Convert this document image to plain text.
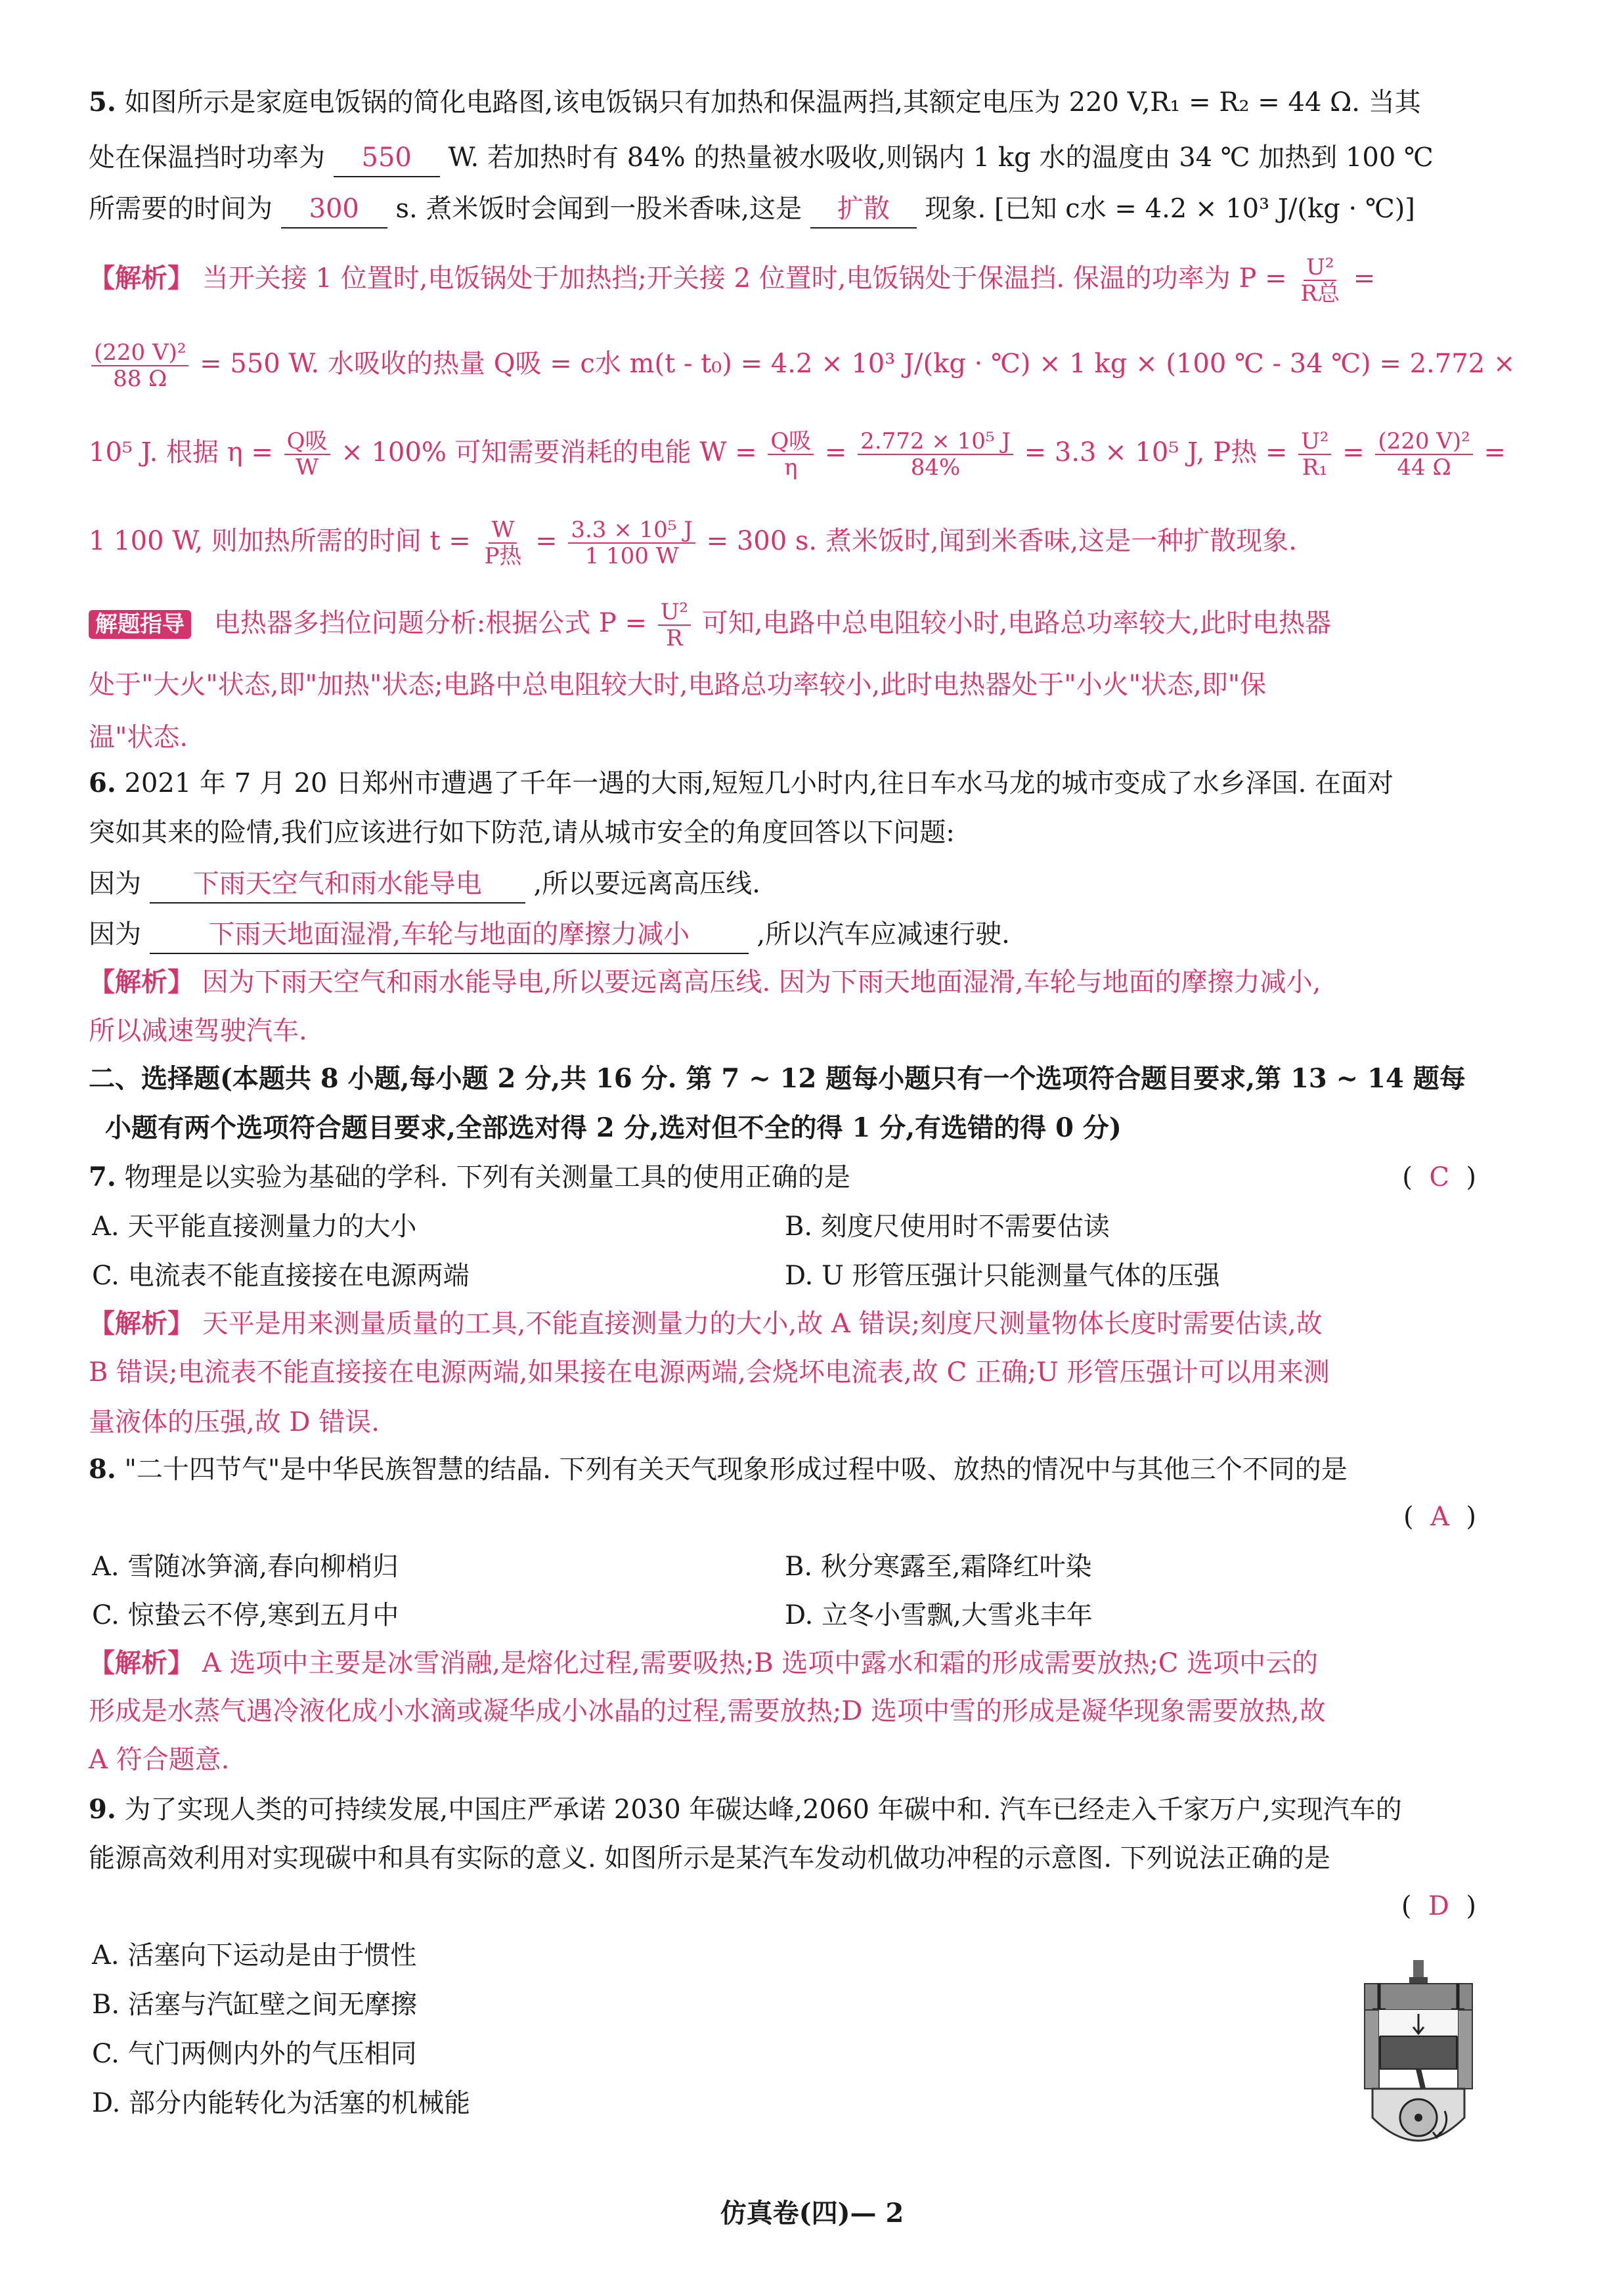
5. 如图所示是家庭电饭锅的简化电路图,该电饭锅只有加热和保温两挡,其额定电压为 220 V,R₁ = R₂ = 44 Ω. 当其
处在保温挡时功率为 550 W. 若加热时有 84% 的热量被水吸收,则锅内 1 kg 水的温度由 34 ℃ 加热到 100 ℃
所需要的时间为 300 s. 煮米饭时会闻到一股米香味,这是 扩散 现象. [已知 c水 = 4.2 × 10³ J/(kg · ℃)]
【解析】 当开关接 1 位置时,电饭锅处于加热挡;开关接 2 位置时,电饭锅处于保温挡. 保温的功率为 $P = \frac{\text{U²}}{\text{R总}}$ =
$\frac{\text{(220 V)²}}{88 \Omega} = 550$ W. 水吸收的热量 Q吸 = c水 m(t - t₀) = 4.2 × 10³ J/(kg · ℃) × 1 kg × (100 ℃ - 34 ℃) = 2.772 ×
10⁵ J. 根据 $\eta = \frac{\text{Q吸}}{W} \times 100\%$ 可知需要消耗的电能 $W = \frac{\text{Q吸}}{\eta} = \frac{\text{2.772 × 10⁵ J}}{84\%} = 3.3 \times 10^5$ J, P热 = $\frac{\text{U²}}{\text{R₁}} = \frac{\text{(220 V)²}}{44 \Omega}$ =
1 100 W, 则加热所需的时间 $t = \frac{W}{\text{P热}} = \frac{\text{3.3 × 10⁵ J}}{1 100 W} = 300$ s. 煮米饭时,闻到米香味,这是一种扩散现象.
解题指导 电热器多挡位问题分析:根据公式 $P = \frac{\text{U²}}{R}$ 可知,电路中总电阻较小时,电路总功率较大,此时电热器
处于"大火"状态,即"加热"状态;电路中总电阻较大时,电路总功率较小,此时电热器处于"小火"状态,即"保
温"状态.
6. 2021 年 7 月 20 日郑州市遭遇了千年一遇的大雨,短短几小时内,往日车水马龙的城市变成了水乡泽国. 在面对
突如其来的险情,我们应该进行如下防范,请从城市安全的角度回答以下问题:
因为 下雨天空气和雨水能导电 ,所以要远离高压线.
因为	下雨天地面湿滑,车轮与地面的摩擦力减小	,所以汽车应减速行驶.
【解析】 因为下雨天空气和雨水能导电,所以要远离高压线. 因为下雨天地面湿滑,车轮与地面的摩擦力减小,
所以减速驾驶汽车.
二、选择题(本题共 8 小题,每小题 2 分,共 16 分. 第 7 ~ 12 题每小题只有一个选项符合题目要求,第 13 ~ 14 题每
小题有两个选项符合题目要求,全部选对得 2 分,选对但不全的得 1 分,有选错的得 0 分)
7. 物理是以实验为基础的学科. 下列有关测量工具的使用正确的是	(  C  )
A. 天平能直接测量力的大小	B. 刻度尺使用时不需要估读
C. 电流表不能直接接在电源两端	D. U 形管压强计只能测量气体的压强
【解析】 天平是用来测量质量的工具,不能直接测量力的大小,故 A 错误;刻度尺测量物体长度时需要估读,故
B 错误;电流表不能直接接在电源两端,如果接在电源两端,会烧坏电流表,故 C 正确;U 形管压强计可以用来测
量液体的压强,故 D 错误.
8. "二十四节气"是中华民族智慧的结晶. 下列有关天气现象形成过程中吸、放热的情况中与其他三个不同的是
(  A  )
A. 雪随冰笋滴,春向柳梢归	B. 秋分寒露至,霜降红叶染
C. 惊蛰云不停,寒到五月中	D. 立冬小雪飘,大雪兆丰年
【解析】 A 选项中主要是冰雪消融,是熔化过程,需要吸热;B 选项中露水和霜的形成需要放热;C 选项中云的
形成是水蒸气遇冷液化成小水滴或凝华成小冰晶的过程,需要放热;D 选项中雪的形成是凝华现象需要放热,故
A 符合题意.
9. 为了实现人类的可持续发展,中国庄严承诺 2030 年碳达峰,2060 年碳中和. 汽车已经走入千家万户,实现汽车的
能源高效利用对实现碳中和具有实际的意义. 如图所示是某汽车发动机做功冲程的示意图. 下列说法正确的是
(  D  )
A. 活塞向下运动是由于惯性
B. 活塞与汽缸壁之间无摩擦
C. 气门两侧内外的气压相同
D. 部分内能转化为活塞的机械能
仿真卷(四)— 2
